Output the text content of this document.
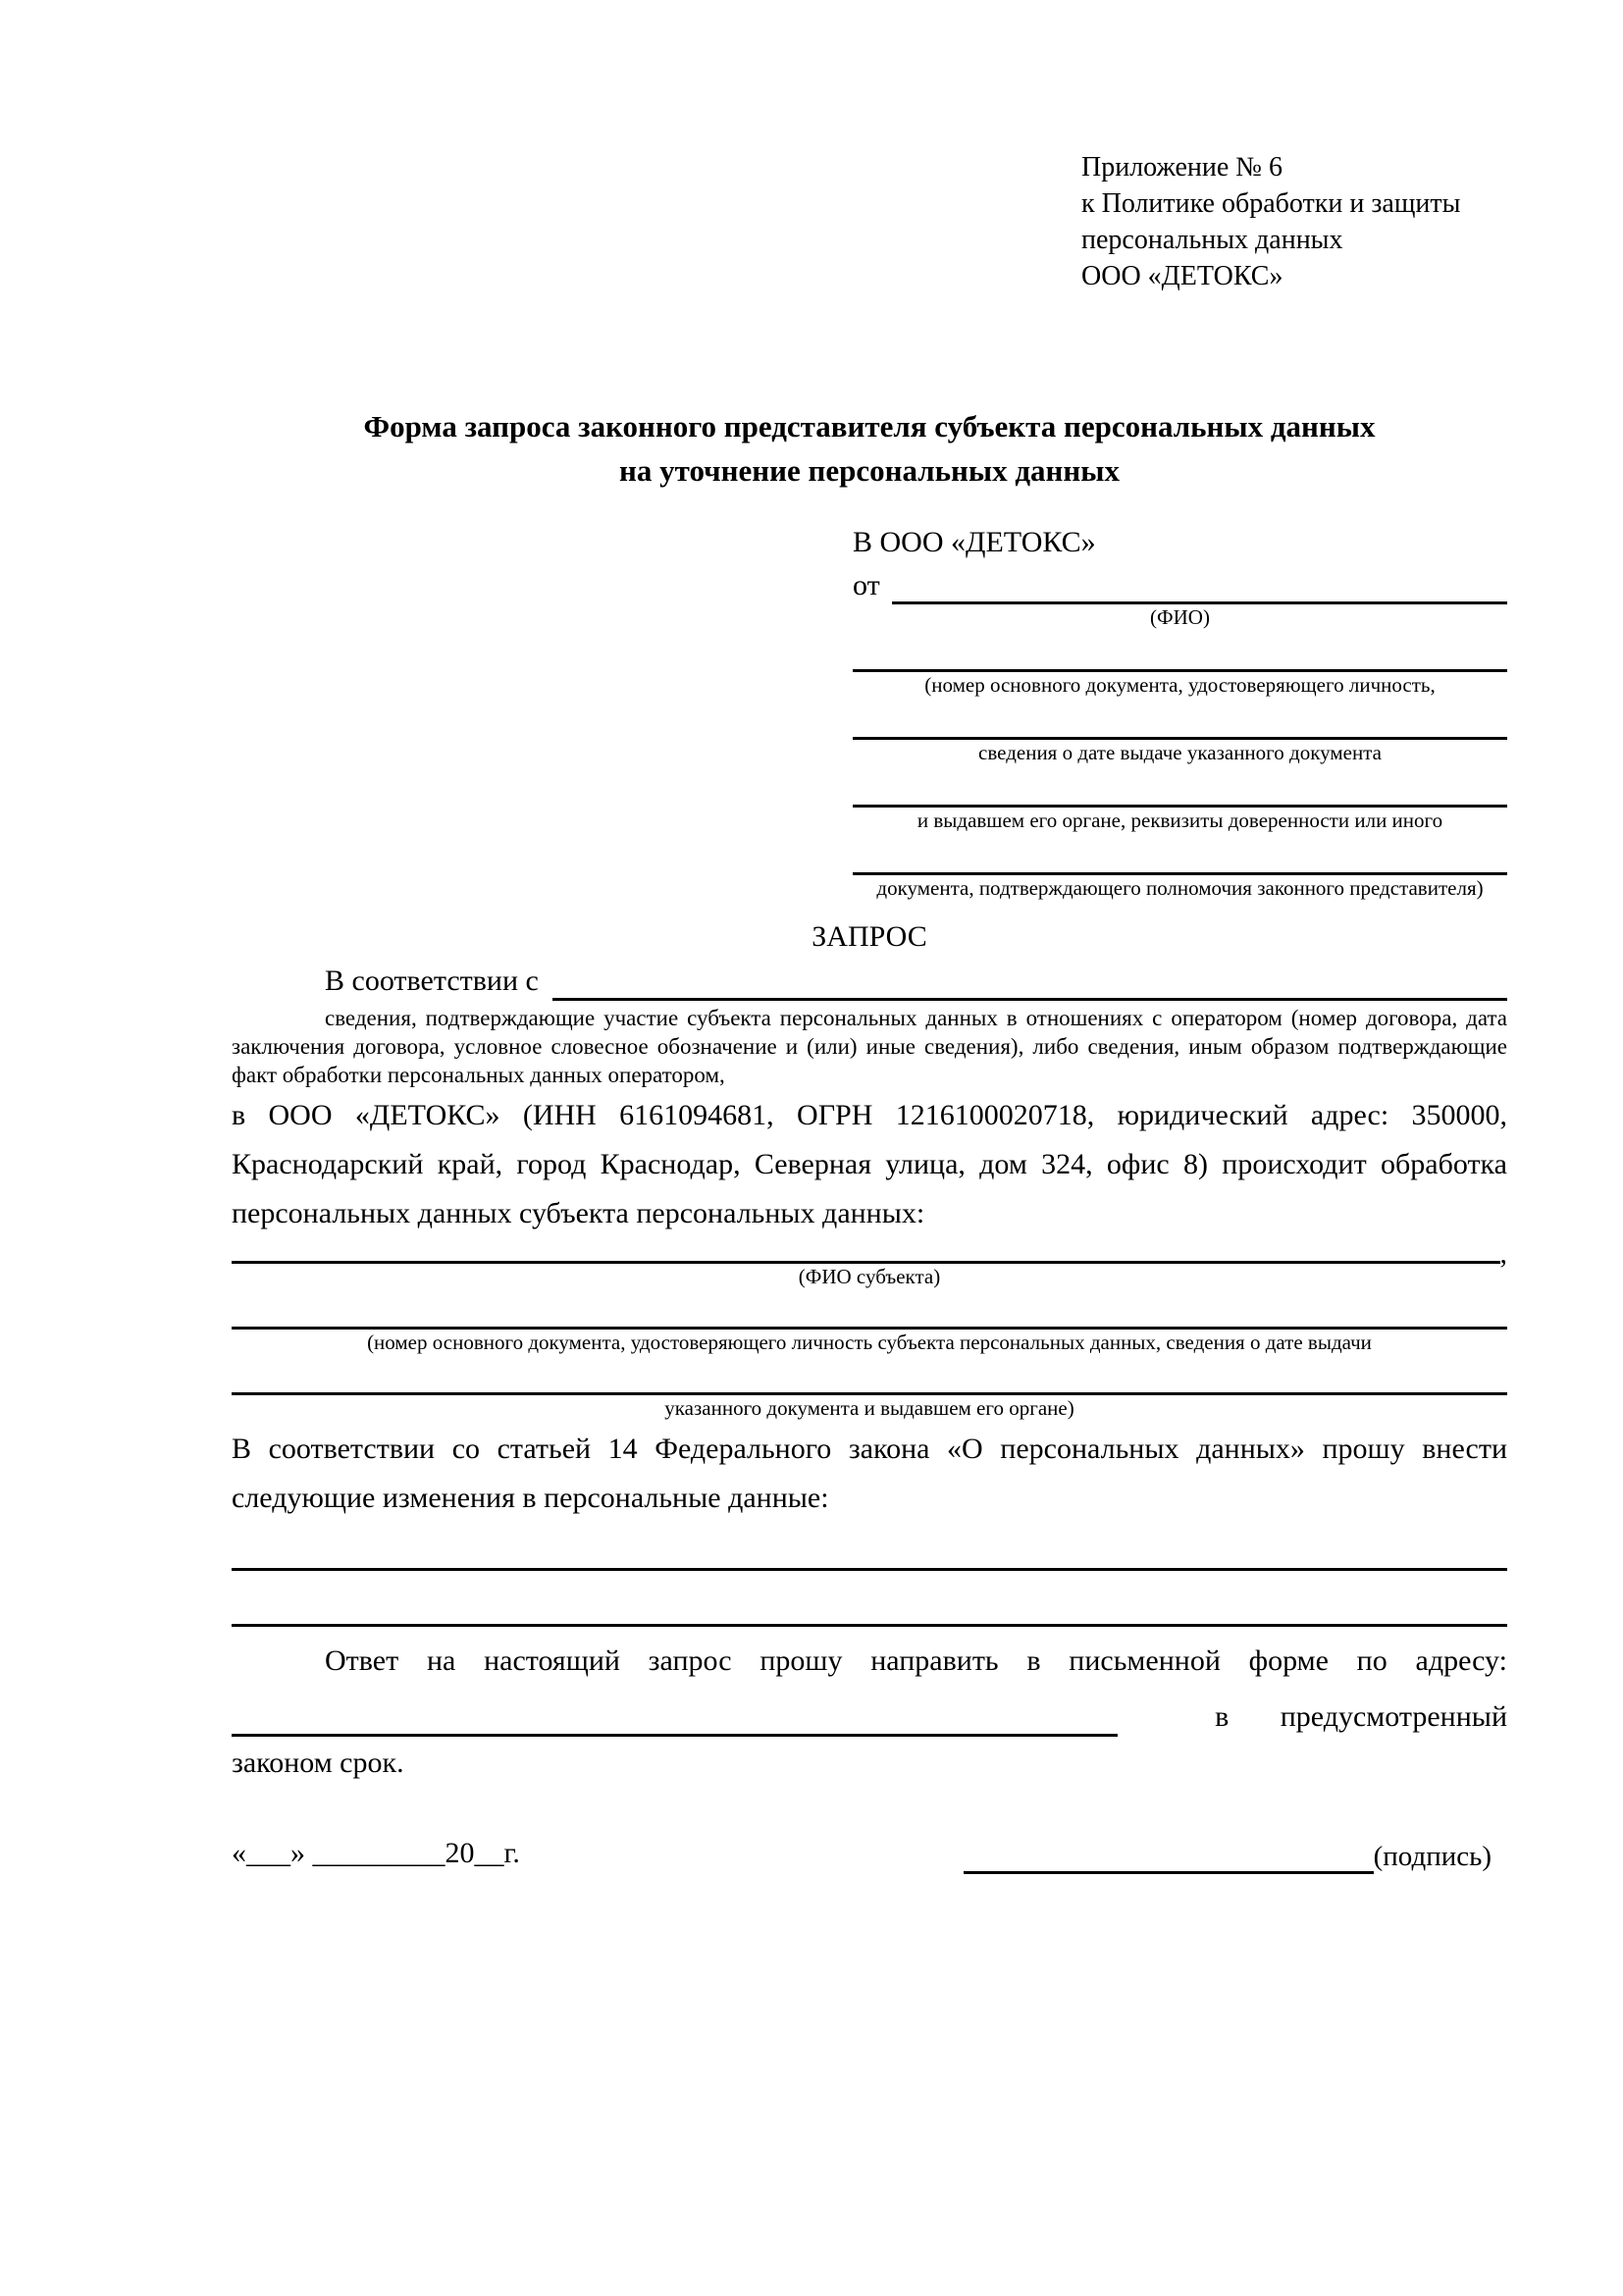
Приложение № 6
к Политике обработки и защиты
персональных данных
ООО «ДЕТОКС»
Форма запроса законного представителя субъекта персональных данных
на уточнение персональных данных
В ООО «ДЕТОКС»
от
(ФИО)
(номер основного документа, удостоверяющего личность,
сведения о дате выдаче указанного документа
и выдавшем его органе, реквизиты доверенности или иного
документа, подтверждающего полномочия законного представителя)
ЗАПРОС
В соответствии с
сведения, подтверждающие участие субъекта персональных данных в отношениях с оператором (номер договора, дата заключения договора, условное словесное обозначение и (или) иные сведения), либо сведения, иным образом подтверждающие факт обработки персональных данных оператором,
в ООО «ДЕТОКС» (ИНН 6161094681, ОГРН 1216100020718, юридический адрес: 350000, Краснодарский край, город Краснодар, Северная улица, дом 324, офис 8) происходит обработка персональных данных субъекта персональных данных:
,
(ФИО субъекта)
(номер основного документа, удостоверяющего личность субъекта персональных данных, сведения о дате выдачи
указанного документа и выдавшем его органе)
В соответствии со статьей 14 Федерального закона «О персональных данных» прошу внести следующие изменения в персональные данные:
Ответ на настоящий запрос прошу направить в письменной форме по адресу:
в предусмотренный
законом срок.
«___» _________20__г.	(подпись)
